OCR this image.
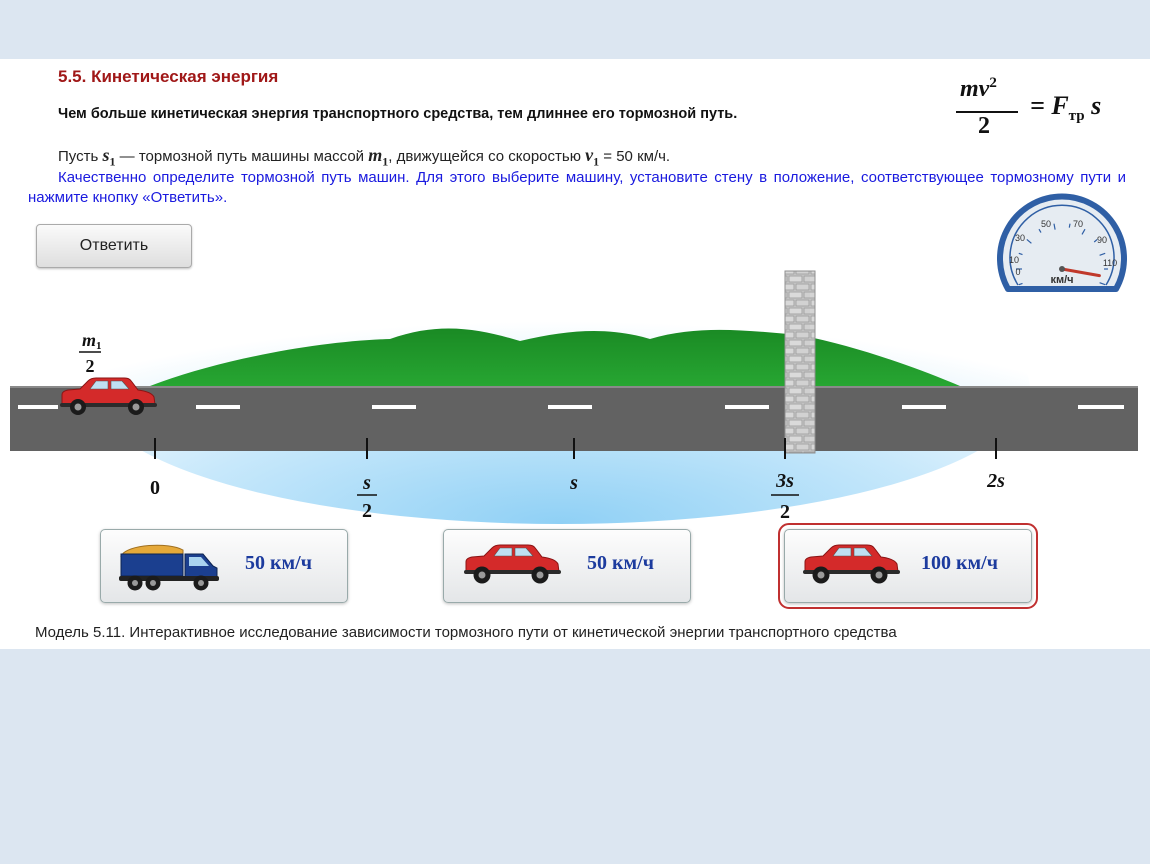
5.5. Кинетическая энергия
Чем больше кинетическая энергия транспортного средства, тем длиннее его тормозной путь.
$mv^2$
2
= $F_{тр}$ s
Пусть $s_1$ — тормозной путь машины массой $m_1$, движущейся со скоростью $v_1 = 50$ км/ч.
Качественно определите тормозной путь машин. Для этого выберите машину, установите стену в положение, соответствующее тормозному пути и нажмите кнопку «Ответить».
Ответить
0	s
2
s	3s
2
2s
m1
2
0
10
30
50 70
90
110
км/ч
50 км/ч	50 км/ч	100 км/ч
Модель 5.11. Интерактивное исследование зависимости тормозного пути от кинетической энергии транспортного средства
